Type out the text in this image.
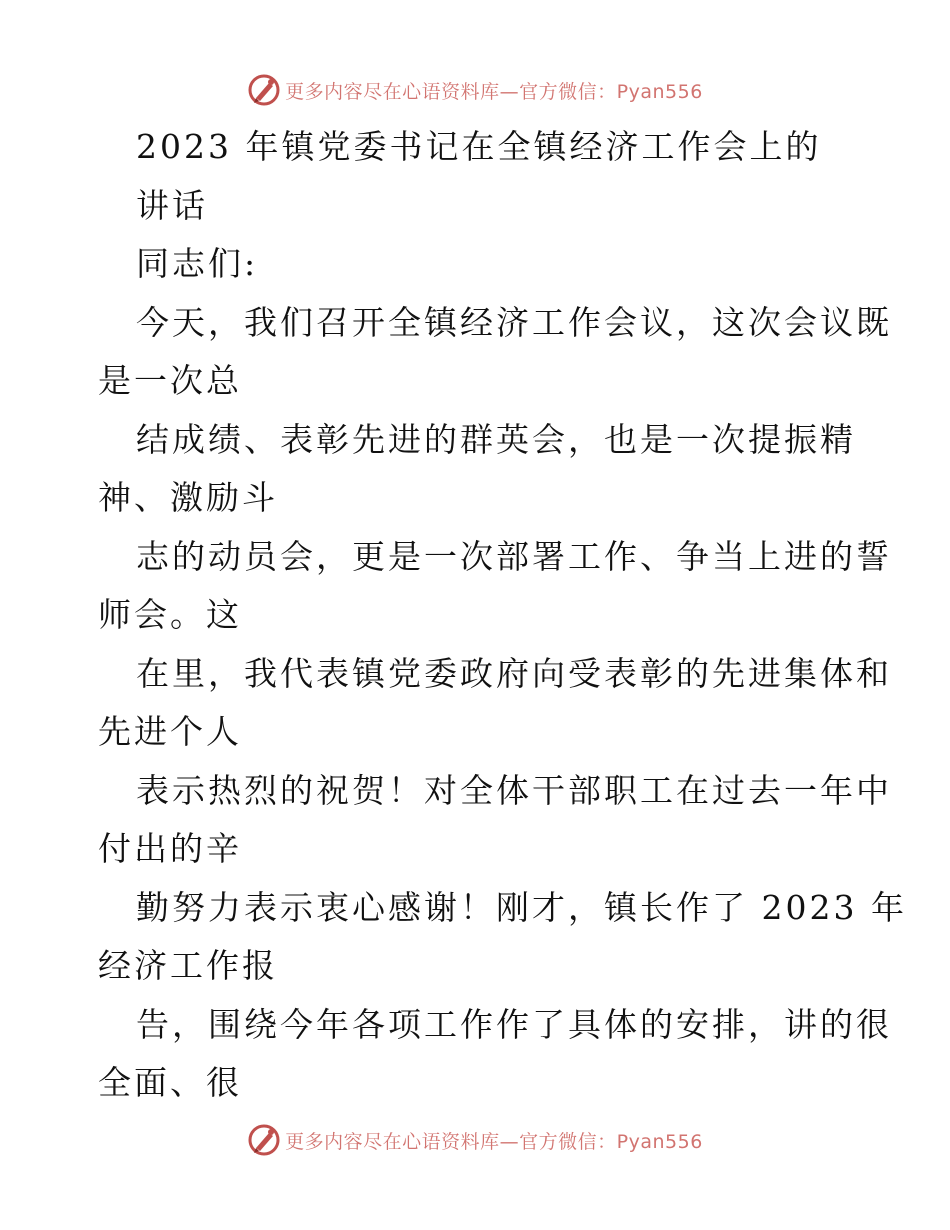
更多内容尽在心语资料库—官方微信：Pyan556
2023 年镇党委书记在全镇经济工作会上的
讲话
同志们:
今天，我们召开全镇经济工作会议，这次会议既
是一次总
结成绩、表彰先进的群英会，也是一次提振精
神、激励斗
志的动员会，更是一次部署工作、争当上进的誓
师会。这
在里，我代表镇党委政府向受表彰的先进集体和
先进个人
表示热烈的祝贺！对全体干部职工在过去一年中
付出的辛
勤努力表示衷心感谢！刚才，镇长作了 2023 年
经济工作报
告，围绕今年各项工作作了具体的安排，讲的很
全面、很
更多内容尽在心语资料库—官方微信：Pyan556
